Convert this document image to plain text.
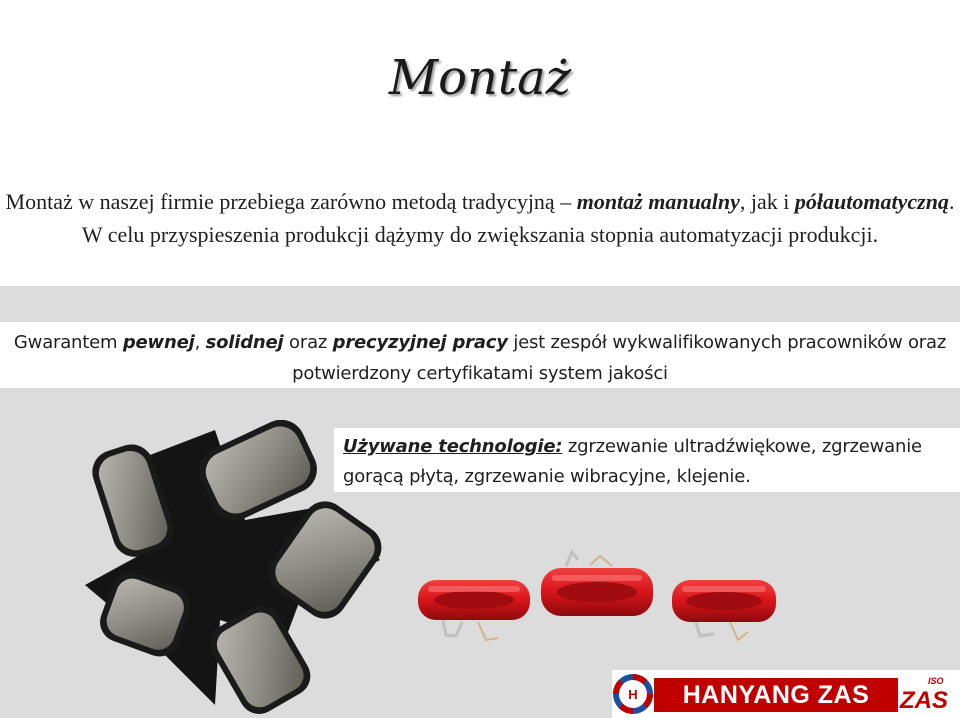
Montaż
Montaż w naszej firmie przebiega zarówno metodą tradycyjną – montaż manualny, jak i półautomatyczną. W celu przyspieszenia produkcji dążymy do zwiększania stopnia automatyzacji produkcji.
Gwarantem pewnej, solidnej oraz precyzyjnej pracy jest zespół wykwalifikowanych pracowników oraz potwierdzony certyfikatami system jakości
Używane technologie: zgrzewanie ultradźwiękowe, zgrzewanie gorącą płytą, zgrzewanie wibracyjne, klejenie.
H	HANYANG ZAS	ISO
ZAS
